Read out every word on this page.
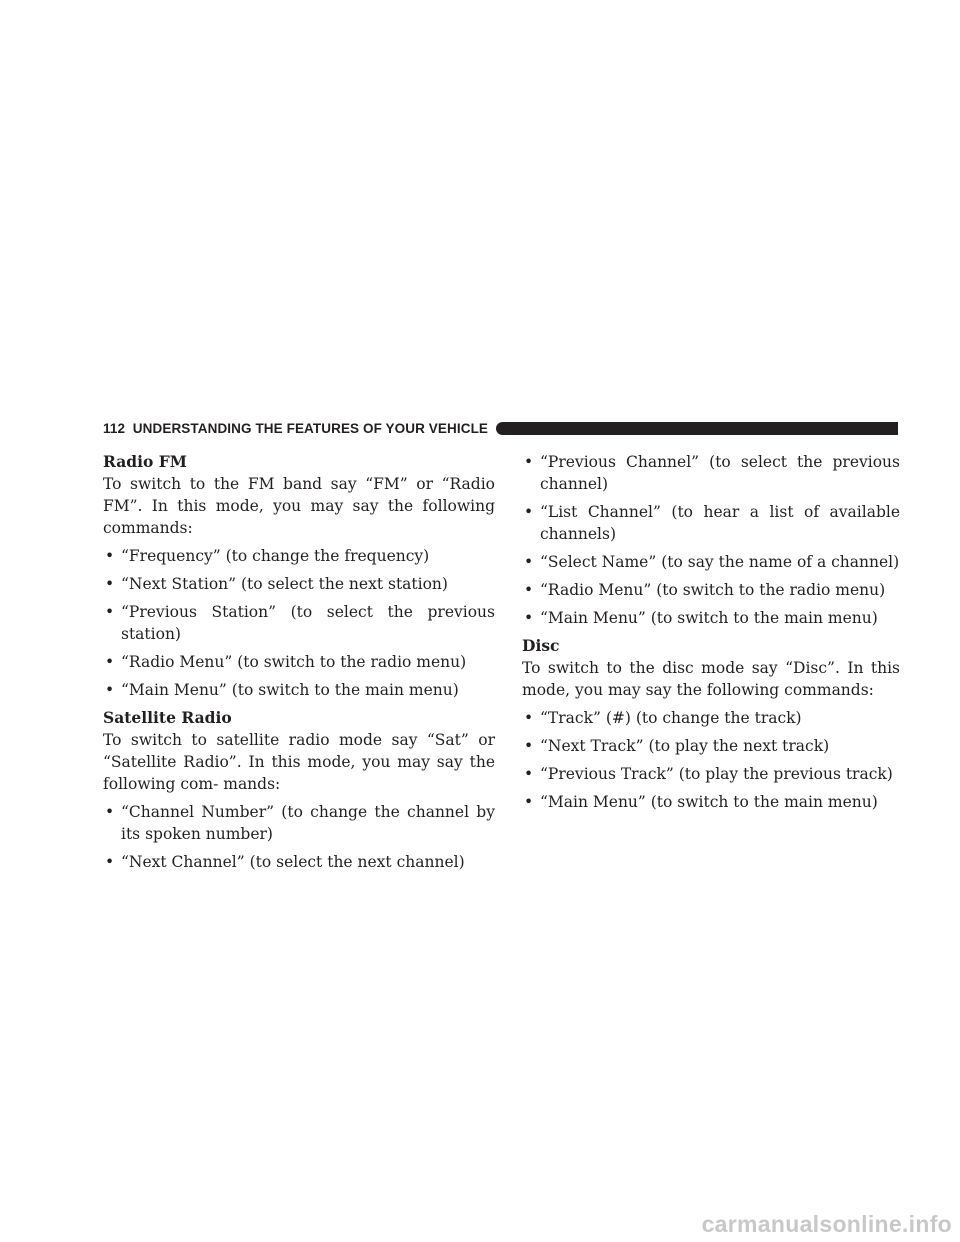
112 UNDERSTANDING THE FEATURES OF YOUR VEHICLE

Radio FM

To switch to the FM band say “FM” or “Radio FM”. In this mode, you may say the following commands:

• “Frequency” (to change the frequency)
• “Next Station” (to select the next station)
• “Previous Station” (to select the previous station)
• “Radio Menu” (to switch to the radio menu)
• “Main Menu” (to switch to the main menu)

Satellite Radio

To switch to satellite radio mode say “Sat” or “Satellite Radio”. In this mode, you may say the following com- mands:

• “Channel Number” (to change the channel by its spoken number)
• “Next Channel” (to select the next channel)
• “Previous Channel” (to select the previous channel)
• “List Channel” (to hear a list of available channels)
• “Select Name” (to say the name of a channel)
• “Radio Menu” (to switch to the radio menu)
• “Main Menu” (to switch to the main menu)

Disc

To switch to the disc mode say “Disc”. In this mode, you may say the following commands:

• “Track” (#) (to change the track)
• “Next Track” (to play the next track)
• “Previous Track” (to play the previous track)
• “Main Menu” (to switch to the main menu)
carmanualsonline.info
